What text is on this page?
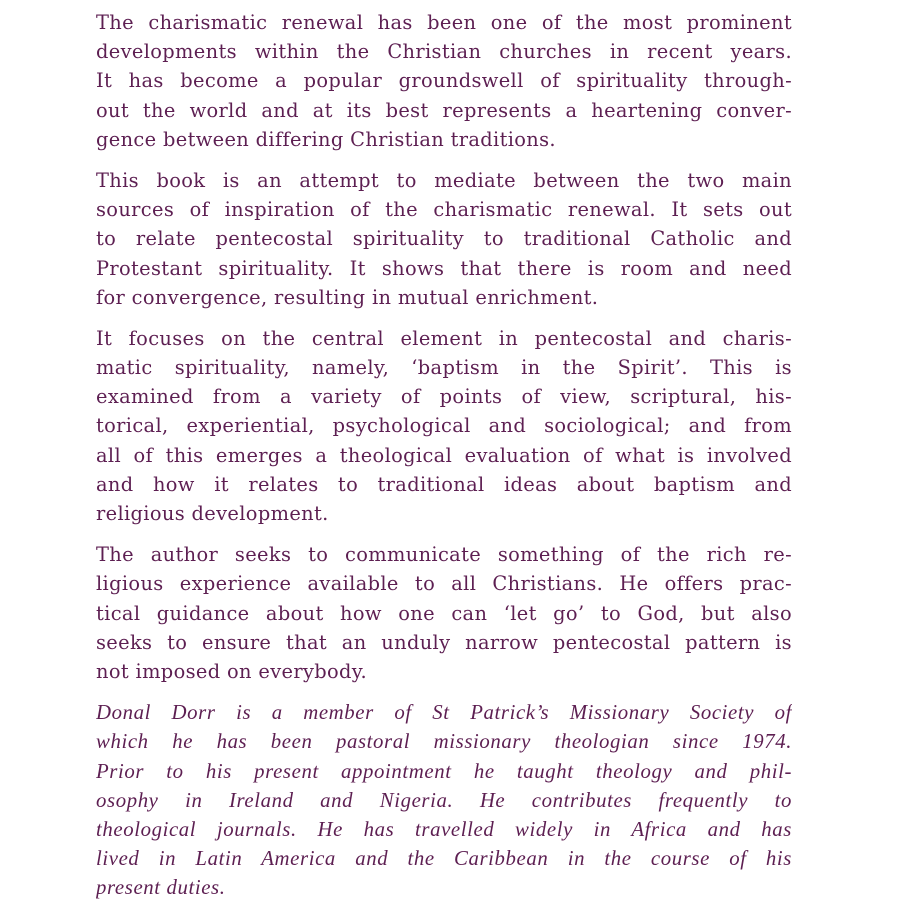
The charismatic renewal has been one of the most prominent
developments within the Christian churches in recent years.
It has become a popular groundswell of spirituality through-
out the world and at its best represents a heartening conver-
gence between differing Christian traditions.
This book is an attempt to mediate between the two main
sources of inspiration of the charismatic renewal. It sets out
to relate pentecostal spirituality to traditional Catholic and
Protestant spirituality. It shows that there is room and need
for convergence, resulting in mutual enrichment.
It focuses on the central element in pentecostal and charis-
matic spirituality, namely, ‘baptism in the Spirit’. This is
examined from a variety of points of view, scriptural, his-
torical, experiential, psychological and sociological; and from
all of this emerges a theological evaluation of what is involved
and how it relates to traditional ideas about baptism and
religious development.
The author seeks to communicate something of the rich re-
ligious experience available to all Christians. He offers prac-
tical guidance about how one can ‘let go’ to God, but also
seeks to ensure that an unduly narrow pentecostal pattern is
not imposed on everybody.
Donal Dorr is a member of St Patrick’s Missionary Society of
which he has been pastoral missionary theologian since 1974.
Prior to his present appointment he taught theology and phil-
osophy in Ireland and Nigeria. He contributes frequently to
theological journals. He has travelled widely in Africa and has
lived in Latin America and the Caribbean in the course of his
present duties.
